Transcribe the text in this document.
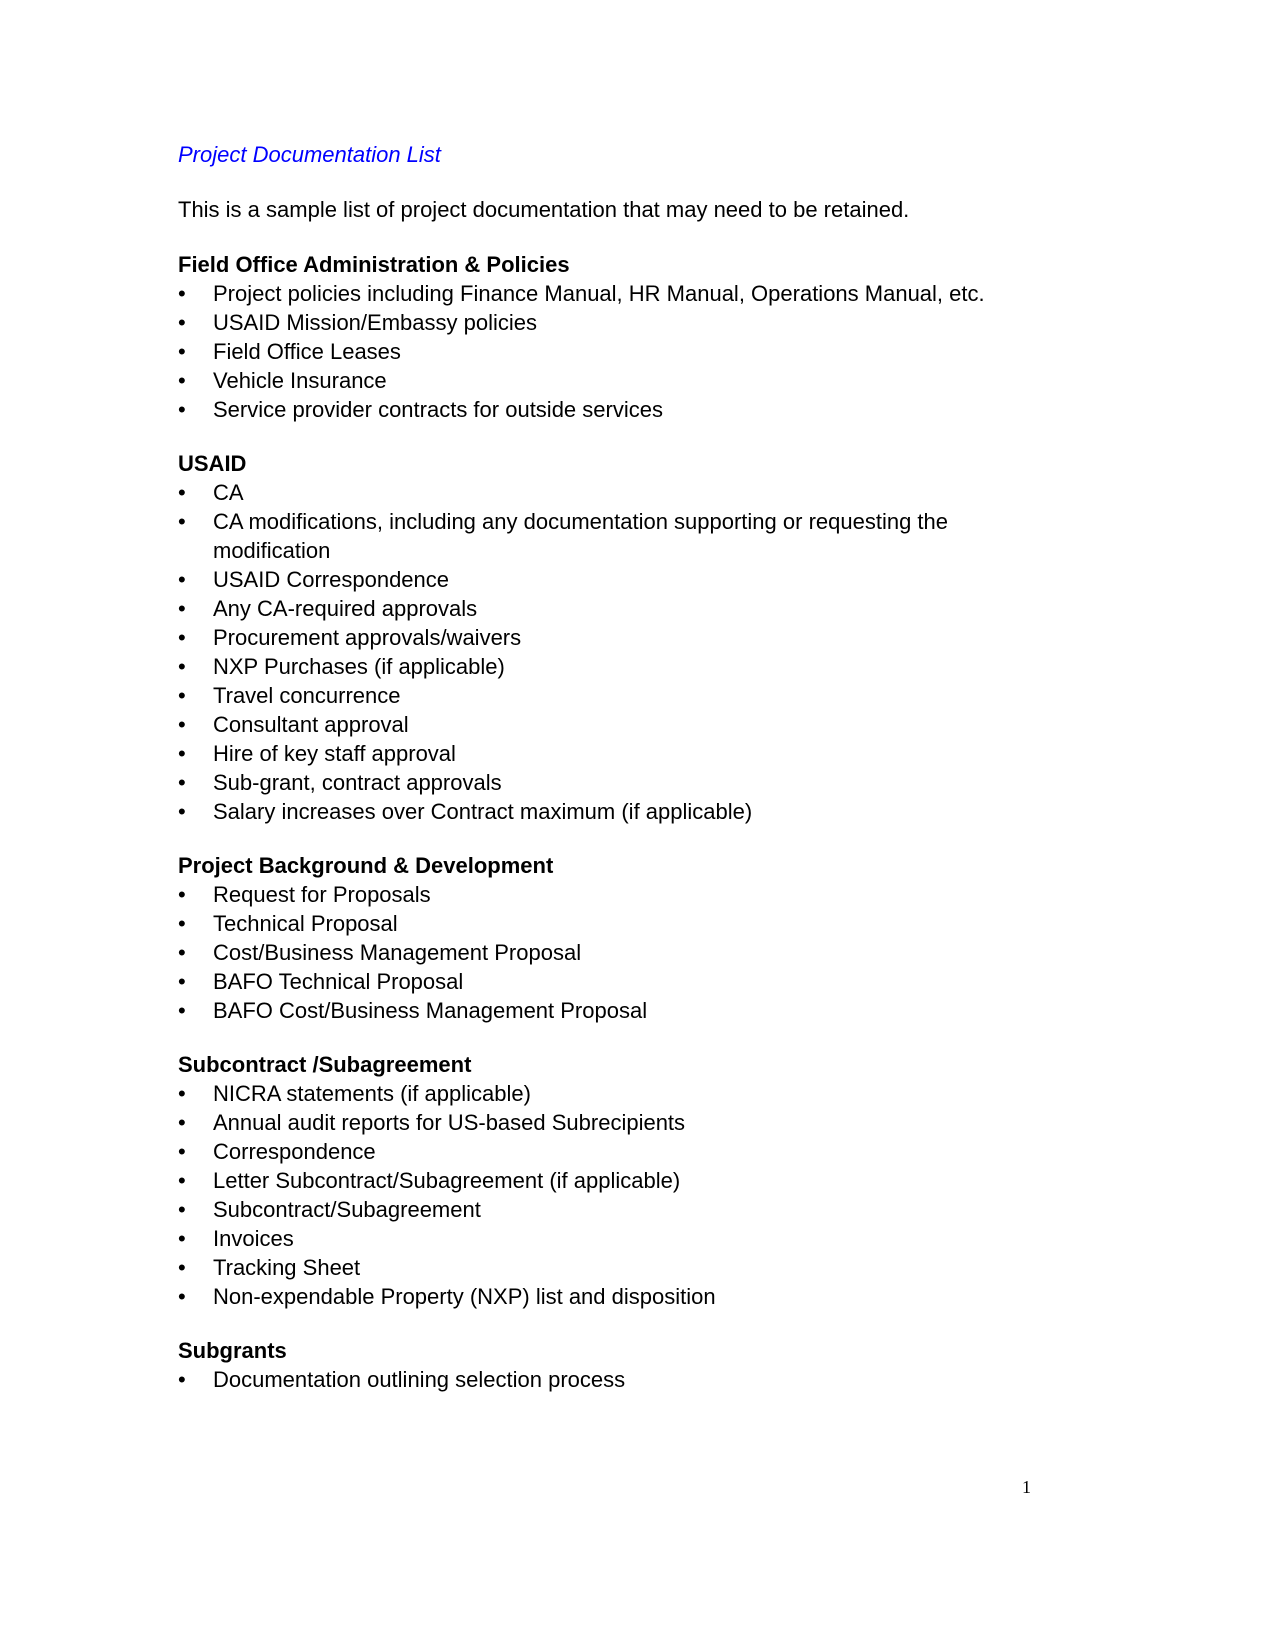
Project Documentation List
This is a sample list of project documentation that may need to be retained.
Field Office Administration & Policies
• Project policies including Finance Manual, HR Manual, Operations Manual, etc.
• USAID Mission/Embassy policies
• Field Office Leases
• Vehicle Insurance
• Service provider contracts for outside services
USAID
• CA
• CA modifications, including any documentation supporting or requesting the modification
• USAID Correspondence
• Any CA-required approvals
• Procurement approvals/waivers
• NXP Purchases (if applicable)
• Travel concurrence
• Consultant approval
• Hire of key staff approval
• Sub-grant, contract approvals
• Salary increases over Contract maximum (if applicable)
Project Background & Development
• Request for Proposals
• Technical Proposal
• Cost/Business Management Proposal
• BAFO Technical Proposal
• BAFO Cost/Business Management Proposal
Subcontract /Subagreement
• NICRA statements (if applicable)
• Annual audit reports for US-based Subrecipients
• Correspondence
• Letter Subcontract/Subagreement (if applicable)
• Subcontract/Subagreement
• Invoices
• Tracking Sheet
• Non-expendable Property (NXP) list and disposition
Subgrants
• Documentation outlining selection process
1
